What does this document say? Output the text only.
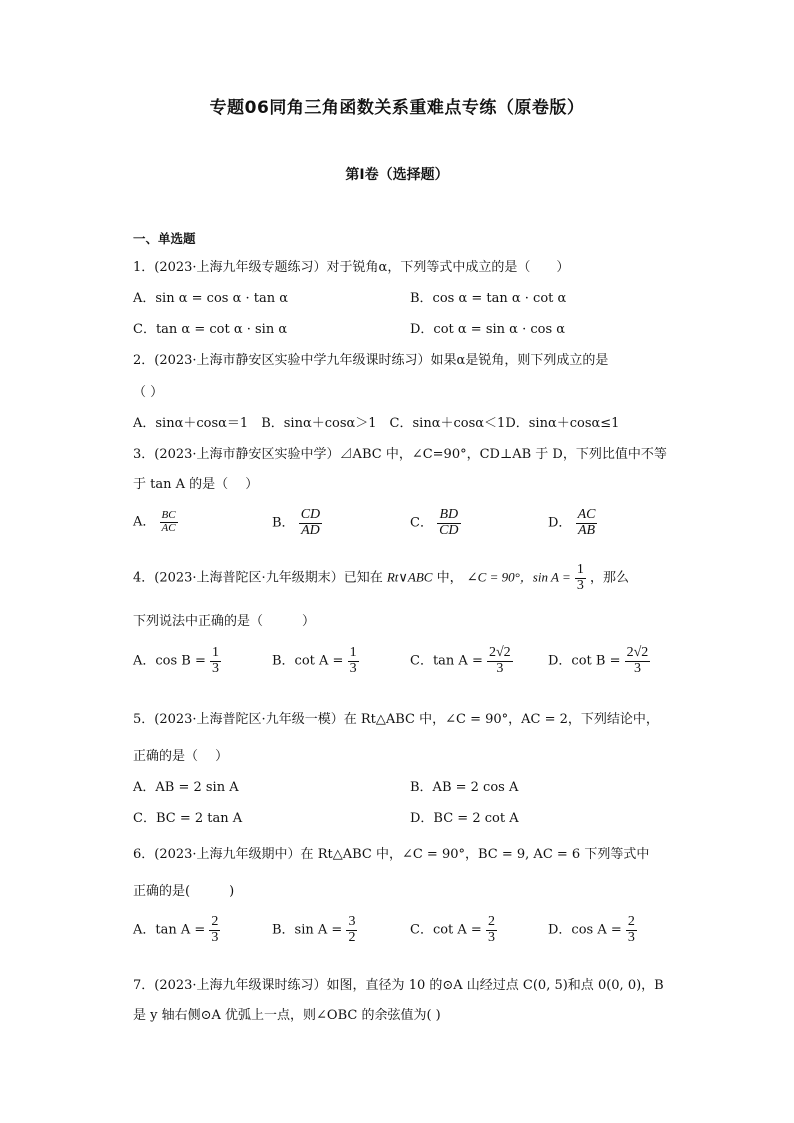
专题06同角三角函数关系重难点专练（原卷版）
第Ⅰ卷（选择题）
一、单选题
1．(2023·上海九年级专题练习）对于锐角α，下列等式中成立的是（　　）
A．sin α = cos α · tan α	B．cos α = tan α · cot α
C．tan α = cot α · sin α	D．cot α = sin α · cos α
2．(2023·上海市静安区实验中学九年级课时练习）如果α是锐角，则下列成立的是
（ ）
A．sinα＋cosα＝1　B．sinα＋cosα＞1　C．sinα＋cosα＜1D．sinα＋cosα≤1
3．(2023·上海市静安区实验中学）⊿ABC 中，∠C=90°，CD⊥AB 于 D，下列比值中不等
于 tan A 的是（　 ）
A． $\frac{BC}{AC}$	B． $\frac{CD}{AD}$	C． $\frac{BD}{CD}$	D． $\frac{AC}{AB}$
4．(2023·上海普陀区·九年级期末）已知在 Rt∨ABC 中， ∠C = 90°，$\sin A = \frac{1}{3}$ ，那么
下列说法中正确的是（　　　）
A．$\cos B = \frac{1}{3}$	B．$\cot A = \frac{1}{3}$	C．$\tan A = \frac{2√2}{3}$	D．$\cot B = \frac{2√2}{3}$
5．(2023·上海普陀区·九年级一模）在 Rt△ABC 中，∠C = 90°，AC = 2，下列结论中，
正确的是（　 ）
A．AB = 2 sin A	B．AB = 2 cos A
C．BC = 2 tan A	D．BC = 2 cot A
6．(2023·上海九年级期中）在 Rt△ABC 中，∠C = 90°，BC = 9, AC = 6 下列等式中
正确的是(　　　)
A．$\tan A = \frac{2}{3}$	B．$\sin A = \frac{3}{2}$	C．$\cot A = \frac{2}{3}$	D．$\cos A = \frac{2}{3}$
7．(2023·上海九年级课时练习）如图，直径为 10 的⊙A 山经过点 C(0, 5)和点 0(0, 0)，B
是 y 轴右侧⊙A 优弧上一点，则∠OBC 的余弦值为( )
